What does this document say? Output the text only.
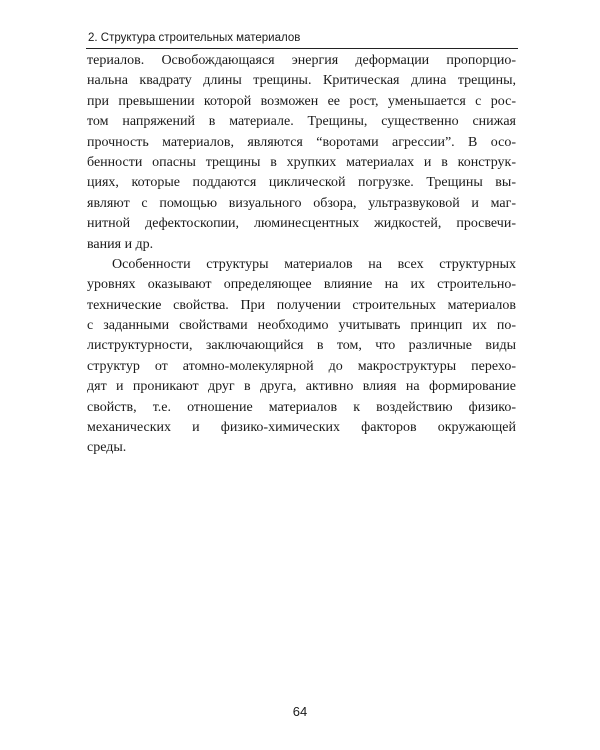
2. Структура строительных материалов
териалов. Освобождающаяся энергия деформации пропорцио-
нальна квадрату длины трещины. Критическая длина трещины,
при превышении которой возможен ее рост, уменьшается с рос-
том напряжений в материале. Трещины, существенно снижая
прочность материалов, являются “воротами агрессии”. В осо-
бенности опасны трещины в хрупких материалах и в конструк-
циях, которые поддаются циклической погрузке. Трещины вы-
являют с помощью визуального обзора, ультразвуковой и маг-
нитной дефектоскопии, люминесцентных жидкостей, просвечи-
вания и др.
Особенности структуры материалов на всех структурных
уровнях оказывают определяющее влияние на их строительно-
технические свойства. При получении строительных материалов
с заданными свойствами необходимо учитывать принцип их по-
листруктурности, заключающийся в том, что различные виды
структур от атомно-молекулярной до макроструктуры перехо-
дят и проникают друг в друга, активно влияя на формирование
свойств, т.е. отношение материалов к воздействию физико-
механических и физико-химических факторов окружающей
среды.
64
